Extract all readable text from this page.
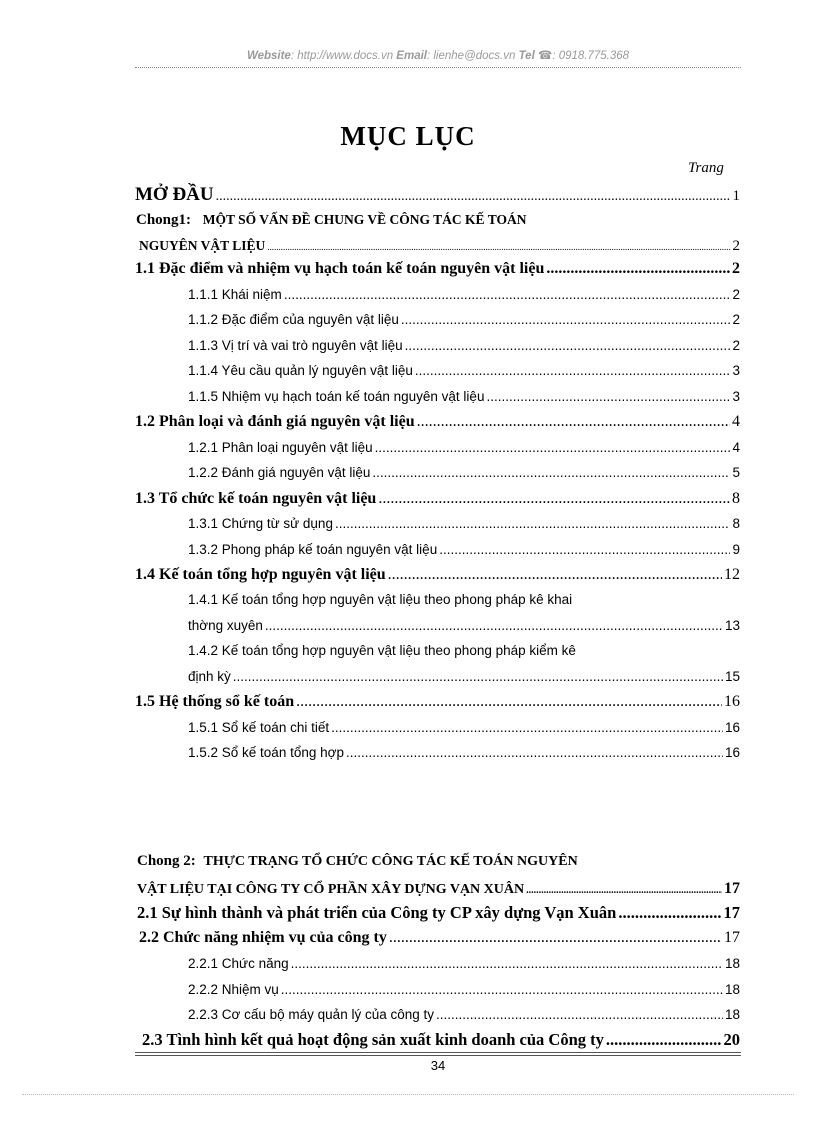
Website: http://www.docs.vn Email: lienhe@docs.vn Tel ☎: 0918.775.368
MỤC LỤC
Trang
MỞ ĐẦU .....	1
Chong1: MỘT SỐ VẤN ĐỀ CHUNG VỀ CÔNG TÁC KẾ TOÁN
NGUYÊN VẬT LIỆU .....	2
1.1 Đặc điểm và nhiệm vụ hạch toán kế toán nguyên vật liệu .....	2
1.1.1 Khái niệm .....	2
1.1.2 Đặc điểm của nguyên vật liệu .....	2
1.1.3 Vị trí và vai trò nguyên vật liệu .....	2
1.1.4 Yêu cầu quản lý nguyên vật liệu .....	3
1.1.5 Nhiệm vụ hạch toán kế toán nguyên vật liệu .....	3
1.2 Phân loại và đánh giá nguyên vật liệu .....	4
1.2.1 Phân loại nguyên vật liệu .....	4
1.2.2 Đánh giá nguyên vật liệu .....	5
1.3 Tổ chức kế toán nguyên vật liệu .....	8
1.3.1 Chứng từ sử dụng .....	8
1.3.2 Phong pháp kế toán nguyên vật liệu .....	9
1.4 Kế toán tổng hợp nguyên vật liệu .....	12
1.4.1 Kế toán tổng hợp nguyên vật liệu theo phong pháp kê khai
thờng xuyên .....	13
1.4.2 Kế toán tổng hợp nguyên vật liệu theo phong pháp kiểm kê
định kỳ .....	15
1.5 Hệ thống sổ kế toán .....	16
1.5.1 Sổ kế toán chi tiết .....	16
1.5.2 Sổ kế toán tổng hợp .....	16
Chong 2: THỰC TRẠNG TỔ CHỨC CÔNG TÁC KẾ TOÁN NGUYÊN
VẬT LIỆU TẠI CÔNG TY CỔ PHẦN XÂY DỰNG VẠN XUÂN .....	17
2.1 Sự hình thành và phát triển của Công ty CP xây dựng Vạn Xuân .....	17
2.2 Chức năng nhiệm vụ của công ty .....	17
2.2.1 Chức năng .....	18
2.2.2 Nhiệm vụ .....	18
2.2.3 Cơ cấu bộ máy quản lý của công ty .....	18
2.3 Tình hình kết quả hoạt động sản xuất kinh doanh của Công ty .....	20
34
